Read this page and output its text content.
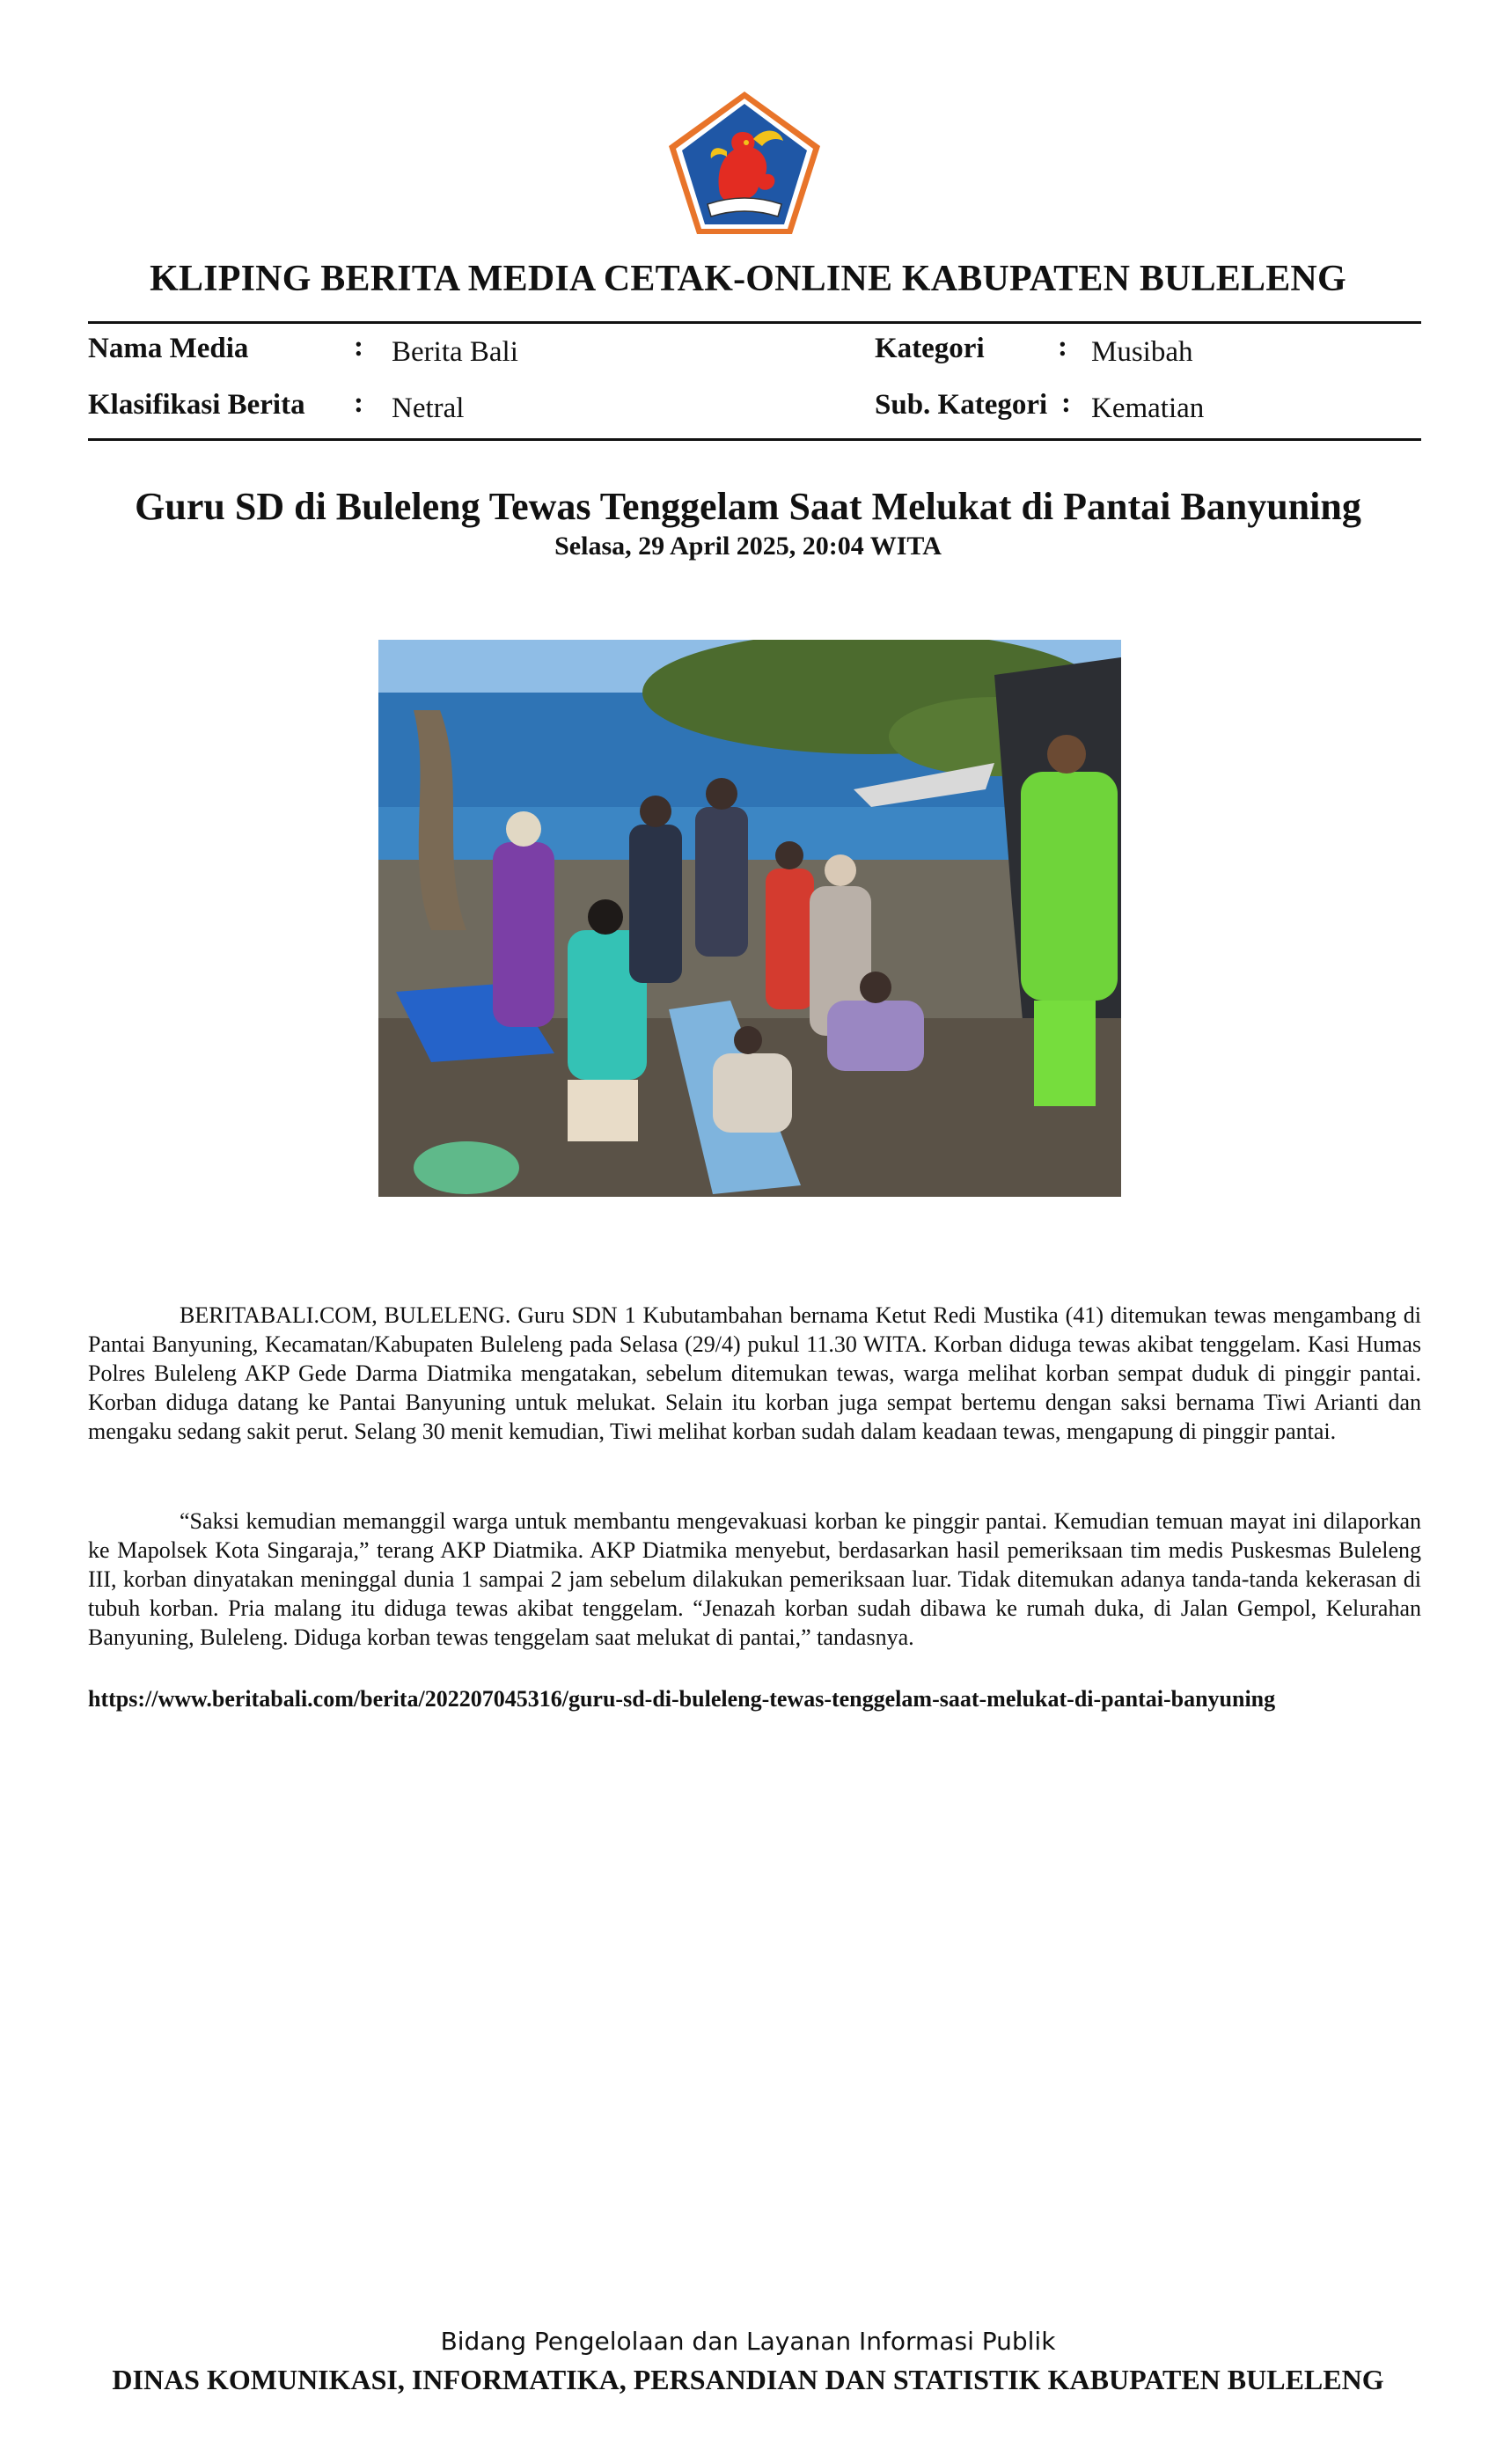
KLIPING BERITA MEDIA CETAK-ONLINE KABUPATEN BULELENG
Nama Media	: Berita Bali
Klasifikasi Berita : Netral
Kategori	: Musibah
Sub. Kategori : Kematian
Guru SD di Buleleng Tewas Tenggelam Saat Melukat di Pantai Banyuning
Selasa, 29 April 2025, 20:04 WITA

BERITABALI.COM, BULELENG. Guru SDN 1 Kubutambahan bernama Ketut Redi Mustika (41) ditemukan tewas mengambang di Pantai Banyuning, Kecamatan/Kabupaten Buleleng pada Selasa (29/4) pukul 11.30 WITA. Korban diduga tewas akibat tenggelam. Kasi Humas Polres Buleleng AKP Gede Darma Diatmika mengatakan, sebelum ditemukan tewas, warga melihat korban sempat duduk di pinggir pantai. Korban diduga datang ke Pantai Banyuning untuk melukat. Selain itu korban juga sempat bertemu dengan saksi bernama Tiwi Arianti dan mengaku sedang sakit perut. Selang 30 menit kemudian, Tiwi melihat korban sudah dalam keadaan tewas, mengapung di pinggir pantai.

“Saksi kemudian memanggil warga untuk membantu mengevakuasi korban ke pinggir pantai. Kemudian temuan mayat ini dilaporkan ke Mapolsek Kota Singaraja,” terang AKP Diatmika. AKP Diatmika menyebut, berdasarkan hasil pemeriksaan tim medis Puskesmas Buleleng III, korban dinyatakan meninggal dunia 1 sampai 2 jam sebelum dilakukan pemeriksaan luar. Tidak ditemukan adanya tanda-tanda kekerasan di tubuh korban. Pria malang itu diduga tewas akibat tenggelam. “Jenazah korban sudah dibawa ke rumah duka, di Jalan Gempol, Kelurahan Banyuning, Buleleng. Diduga korban tewas tenggelam saat melukat di pantai,” tandasnya.

https://www.beritabali.com/berita/202207045316/guru-sd-di-buleleng-tewas-tenggelam-saat-melukat-di-pantai-banyuning
Bidang Pengelolaan dan Layanan Informasi Publik
DINAS KOMUNIKASI, INFORMATIKA, PERSANDIAN DAN STATISTIK KABUPATEN BULELENG
